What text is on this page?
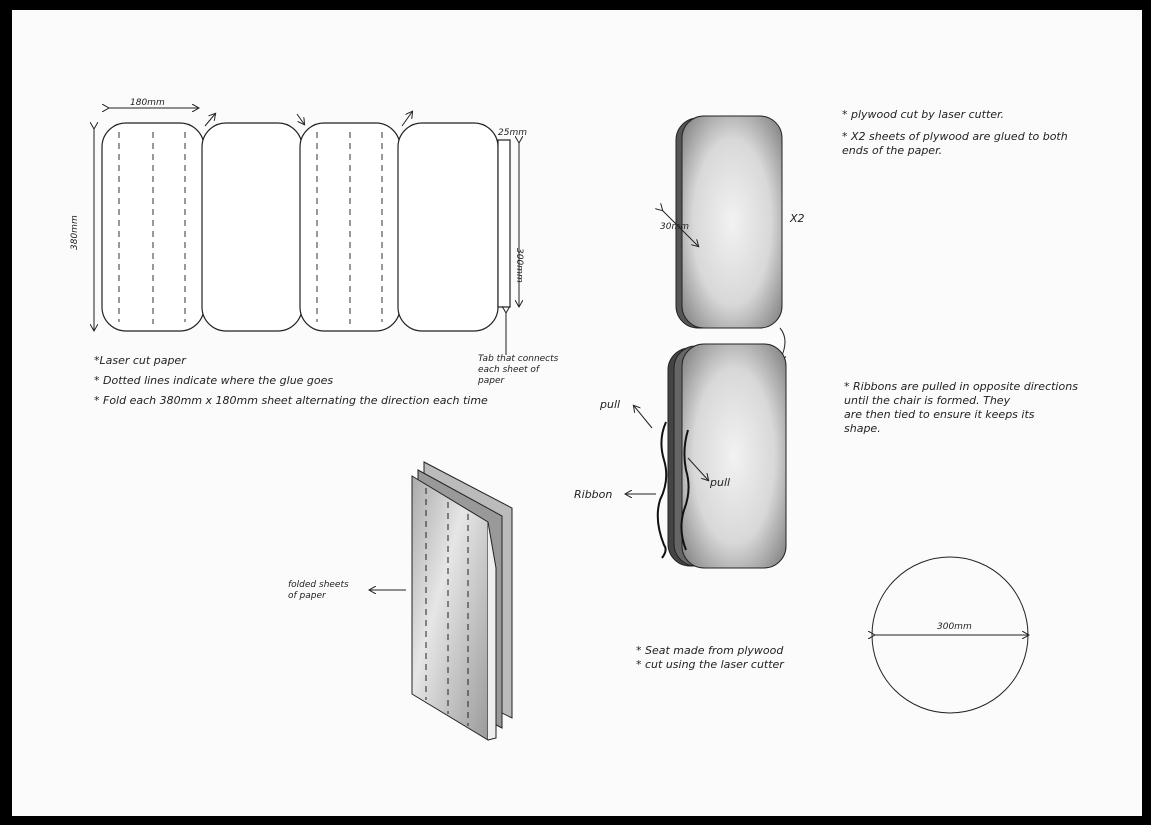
180mm
380mm
25mm
300mm
30mm
300mm
X2
pull
pull
Ribbon
folded sheets
of paper
Tab that connects
each sheet of
paper
*Laser cut paper
* Dotted lines indicate where the glue goes
* Fold each 380mm x 180mm sheet alternating the direction each time
* plywood cut by laser cutter.
* X2 sheets of plywood are glued to both
ends of the paper.
* Ribbons are pulled in opposite directions
until the chair is formed. They
are then tied to ensure it keeps its
shape.
* Seat made from plywood
* cut using the laser cutter
